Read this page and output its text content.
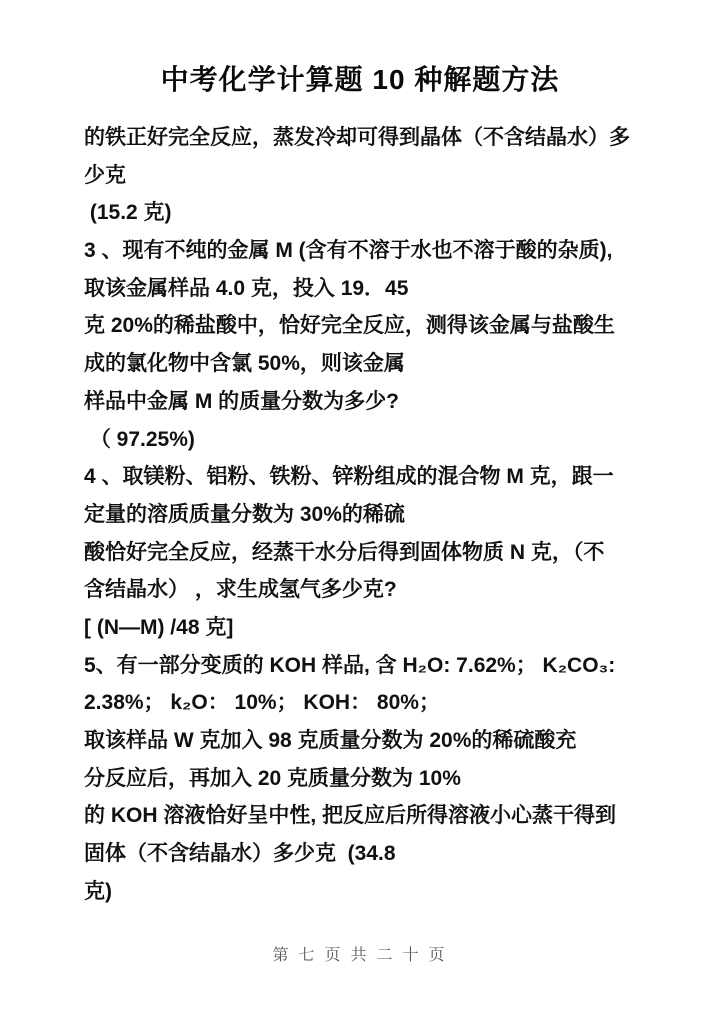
中考化学计算题 10 种解题方法
的铁正好完全反应，蒸发冷却可得到晶体（不含结晶水）多
少克
(15.2 克)
3 、现有不纯的金属 M (含有不溶于水也不溶于酸的杂质),
取该金属样品 4.0 克，投入 19．45
克 20%的稀盐酸中，恰好完全反应，测得该金属与盐酸生
成的氯化物中含氯 50%，则该金属
样品中金属 M 的质量分数为多少?
（ 97.25%)
4 、取镁粉、铝粉、铁粉、锌粉组成的混合物 M 克，跟一
定量的溶质质量分数为 30%的稀硫
酸恰好完全反应，经蒸干水分后得到固体物质 N 克，（不
含结晶水） ，求生成氢气多少克?
[ (N—M) /48 克]
5、有一部分变质的 KOH 样品, 含 H₂O: 7.62%； K₂CO₃:
2.38%； k₂O： 10%； KOH： 80%；
取该样品 W 克加入 98 克质量分数为 20%的稀硫酸充
分反应后，再加入 20 克质量分数为 10%
的 KOH 溶液恰好呈中性, 把反应后所得溶液小心蒸干得到
固体（不含结晶水）多少克  (34.8
克)
第 七 页 共 二 十 页
